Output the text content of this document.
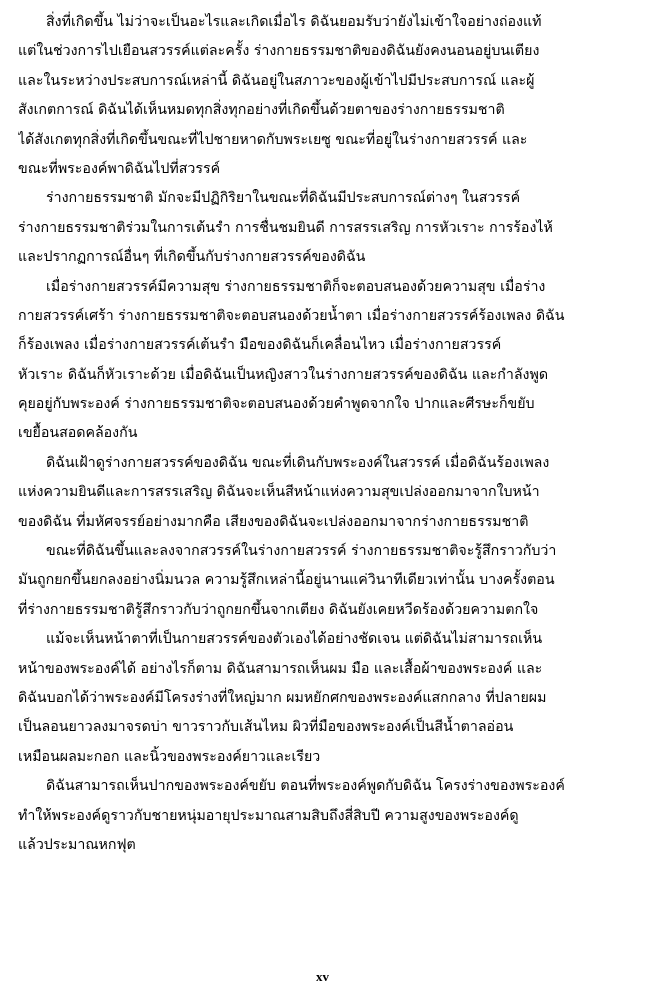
สิ่งที่เกิดขึ้น ไม่ว่าจะเป็นอะไรและเกิดเมื่อไร ดิฉันยอมรับว่ายังไม่เข้าใจอย่างถ่องแท้
แต่ในช่วงการไปเยือนสวรรค์แต่ละครั้ง ร่างกายธรรมชาติของดิฉันยังคงนอนอยู่บนเตียง
และในระหว่างประสบการณ์เหล่านี้ ดิฉันอยู่ในสภาวะของผู้เข้าไปมีประสบการณ์ และผู้
สังเกตการณ์ ดิฉันได้เห็นหมดทุกสิ่งทุกอย่างที่เกิดขึ้นด้วยตาของร่างกายธรรมชาติ
ได้สังเกตทุกสิ่งที่เกิดขึ้นขณะที่ไปชายหาดกับพระเยซู ขณะที่อยู่ในร่างกายสวรรค์ และ
ขณะที่พระองค์พาดิฉันไปที่สวรรค์
ร่างกายธรรมชาติ มักจะมีปฏิกิริยาในขณะที่ดิฉันมีประสบการณ์ต่างๆ ในสวรรค์
ร่างกายธรรมชาติร่วมในการเต้นรำ การชื่นชมยินดี การสรรเสริญ การหัวเราะ การร้องไห้
และปรากฏการณ์อื่นๆ ที่เกิดขึ้นกับร่างกายสวรรค์ของดิฉัน
เมื่อร่างกายสวรรค์มีความสุข ร่างกายธรรมชาติก็จะตอบสนองด้วยความสุข เมื่อร่าง
กายสวรรค์เศร้า ร่างกายธรรมชาติจะตอบสนองด้วยน้ำตา เมื่อร่างกายสวรรค์ร้องเพลง ดิฉัน
ก็ร้องเพลง เมื่อร่างกายสวรรค์เต้นรำ มือของดิฉันก็เคลื่อนไหว เมื่อร่างกายสวรรค์
หัวเราะ ดิฉันก็หัวเราะด้วย เมื่อดิฉันเป็นหญิงสาวในร่างกายสวรรค์ของดิฉัน และกำลังพูด
คุยอยู่กับพระองค์ ร่างกายธรรมชาติจะตอบสนองด้วยคำพูดจากใจ ปากและศีรษะก็ขยับ
เขยื้อนสอดคล้องกัน
ดิฉันเฝ้าดูร่างกายสวรรค์ของดิฉัน ขณะที่เดินกับพระองค์ในสวรรค์ เมื่อดิฉันร้องเพลง
แห่งความยินดีและการสรรเสริญ ดิฉันจะเห็นสีหน้าแห่งความสุขเปล่งออกมาจากใบหน้า
ของดิฉัน ที่มหัศจรรย์อย่างมากคือ เสียงของดิฉันจะเปล่งออกมาจากร่างกายธรรมชาติ
ขณะที่ดิฉันขึ้นและลงจากสวรรค์ในร่างกายสวรรค์ ร่างกายธรรมชาติจะรู้สึกราวกับว่า
มันถูกยกขึ้นยกลงอย่างนิ่มนวล ความรู้สึกเหล่านี้อยู่นานแค่วินาทีเดียวเท่านั้น บางครั้งตอน
ที่ร่างกายธรรมชาติรู้สึกราวกับว่าถูกยกขึ้นจากเตียง ดิฉันยังเคยหวีดร้องด้วยความตกใจ
แม้จะเห็นหน้าตาที่เป็นกายสวรรค์ของตัวเองได้อย่างชัดเจน แต่ดิฉันไม่สามารถเห็น
หน้าของพระองค์ได้ อย่างไรก็ตาม ดิฉันสามารถเห็นผม มือ และเสื้อผ้าของพระองค์ และ
ดิฉันบอกได้ว่าพระองค์มีโครงร่างที่ใหญ่มาก ผมหยักศกของพระองค์แสกกลาง ที่ปลายผม
เป็นลอนยาวลงมาจรดบ่า ขาวราวกับเส้นไหม ผิวที่มือของพระองค์เป็นสีน้ำตาลอ่อน
เหมือนผลมะกอก และนิ้วของพระองค์ยาวและเรียว
ดิฉันสามารถเห็นปากของพระองค์ขยับ ตอนที่พระองค์พูดกับดิฉัน โครงร่างของพระองค์
ทำให้พระองค์ดูราวกับชายหนุ่มอายุประมาณสามสิบถึงสี่สิบปี ความสูงของพระองค์ดู
แล้วประมาณหกฟุต
xv
